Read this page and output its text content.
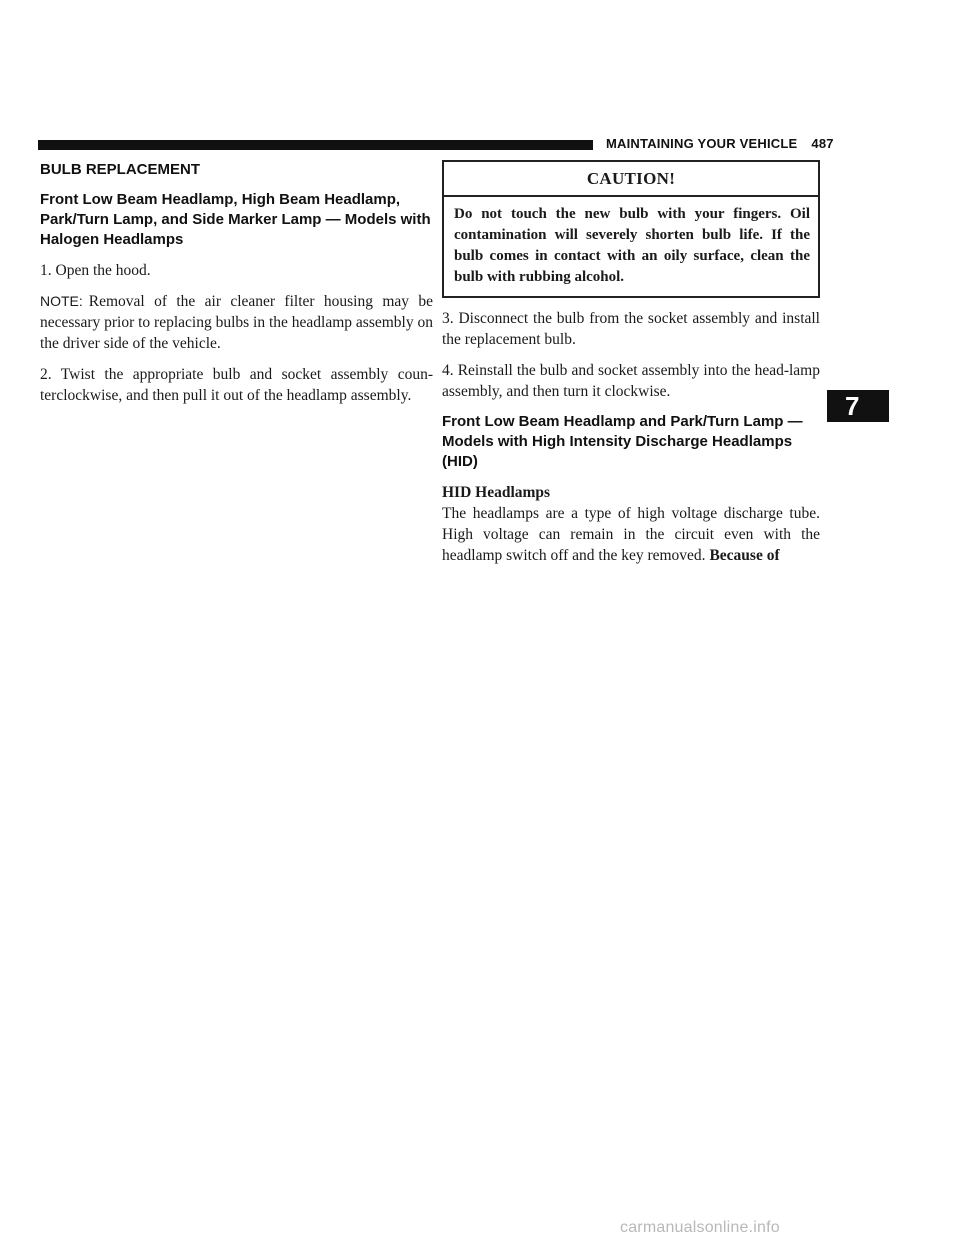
MAINTAINING YOUR VEHICLE 487
BULB REPLACEMENT
Front Low Beam Headlamp, High Beam Headlamp, Park/Turn Lamp, and Side Marker Lamp — Models with Halogen Headlamps

1. Open the hood.

NOTE: Removal of the air cleaner filter housing may be necessary prior to replacing bulbs in the headlamp assembly on the driver side of the vehicle.

2. Twist the appropriate bulb and socket assembly coun-terclockwise, and then pull it out of the headlamp assembly.

CAUTION!
Do not touch the new bulb with your fingers. Oil contamination will severely shorten bulb life. If the bulb comes in contact with an oily surface, clean the bulb with rubbing alcohol.

3. Disconnect the bulb from the socket assembly and install the replacement bulb.

4. Reinstall the bulb and socket assembly into the head-lamp assembly, and then turn it clockwise.

Front Low Beam Headlamp and Park/Turn Lamp — Models with High Intensity Discharge Headlamps (HID)

HID Headlamps

The headlamps are a type of high voltage discharge tube. High voltage can remain in the circuit even with the headlamp switch off and the key removed. Because of

7
carmanualsonline.info
